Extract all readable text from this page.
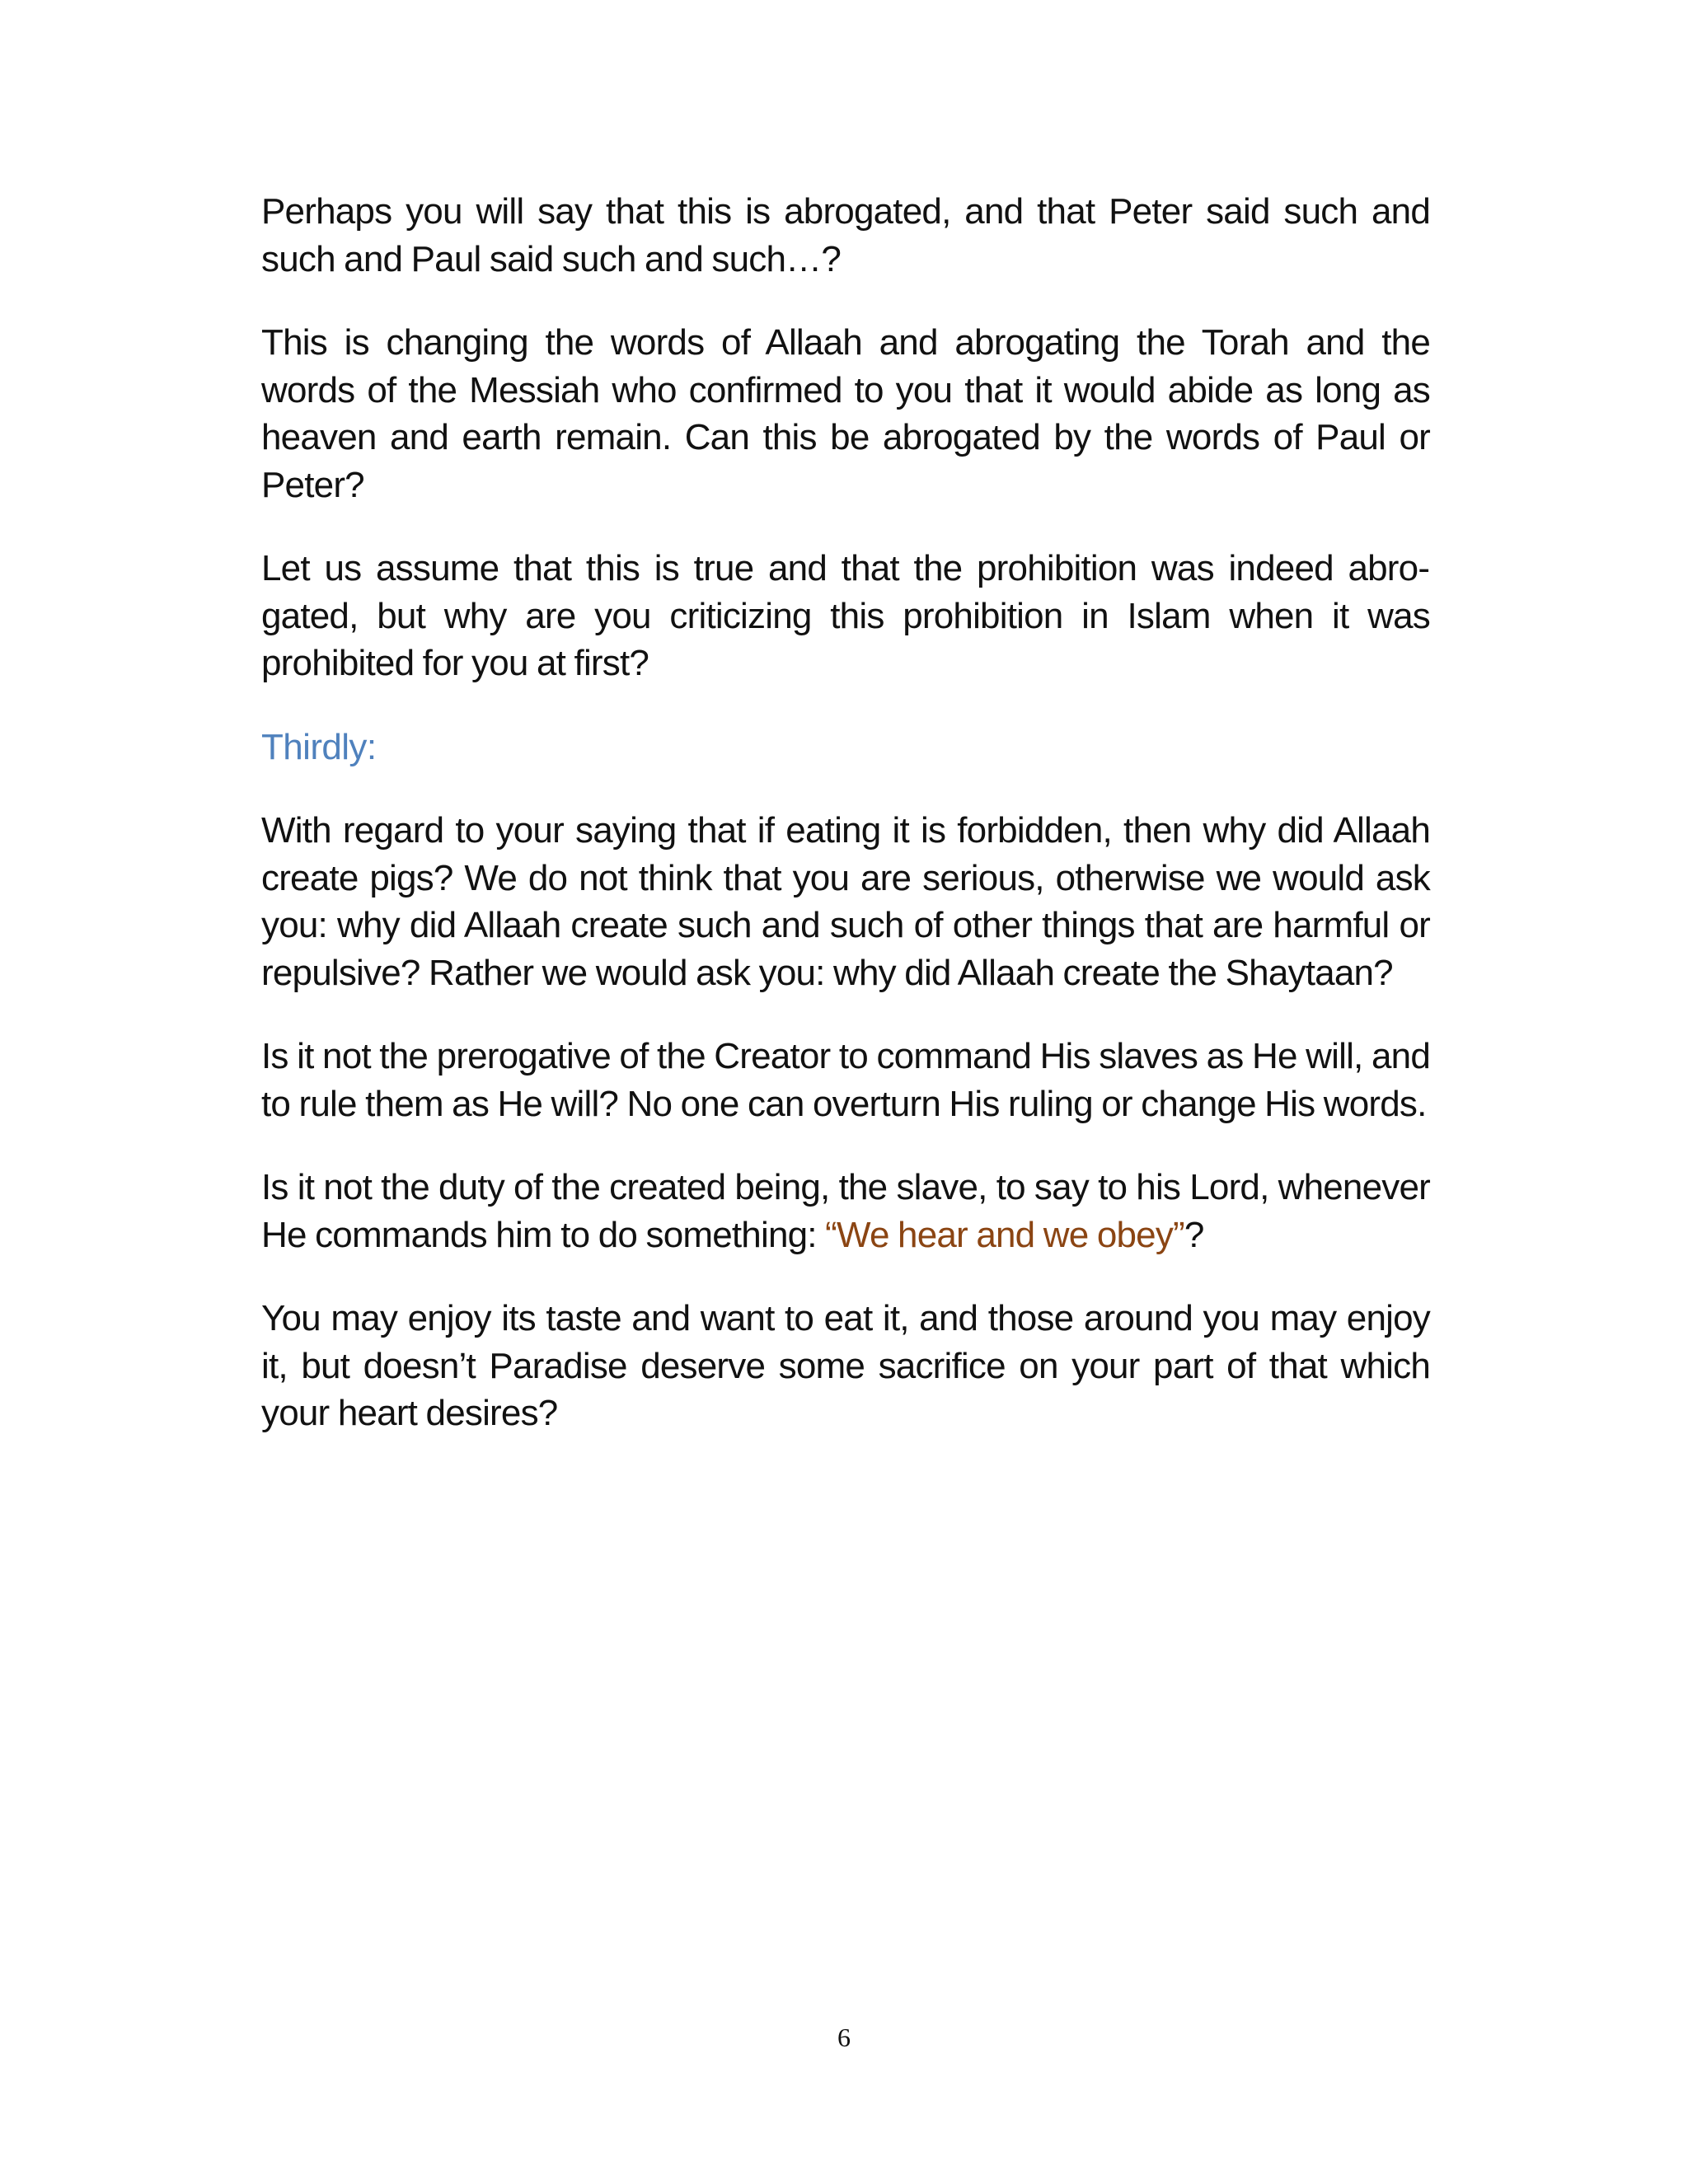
Perhaps you will say that this is abrogated, and that Peter said such and such and Paul said such and such…?

This is changing the words of Allaah and abrogating the Torah and the words of the Messiah who confirmed to you that it would abide as long as heaven and earth remain. Can this be abrogated by the words of Paul or Peter?

Let us assume that this is true and that the prohibition was indeed abrogated, but why are you criticizing this prohibition in Islam when it was prohibited for you at first?

Thirdly:

With regard to your saying that if eating it is forbidden, then why did Allaah create pigs? We do not think that you are serious, otherwise we would ask you: why did Allaah create such and such of other things that are harmful or repulsive? Rather we would ask you: why did Allaah create the Shaytaan?

Is it not the prerogative of the Creator to command His slaves as He will, and to rule them as He will? No one can overturn His ruling or change His words.

Is it not the duty of the created being, the slave, to say to his Lord, whenever He commands him to do something: “We hear and we obey”?

You may enjoy its taste and want to eat it, and those around you may enjoy it, but doesn’t Paradise deserve some sacrifice on your part of that which your heart desires?

6
